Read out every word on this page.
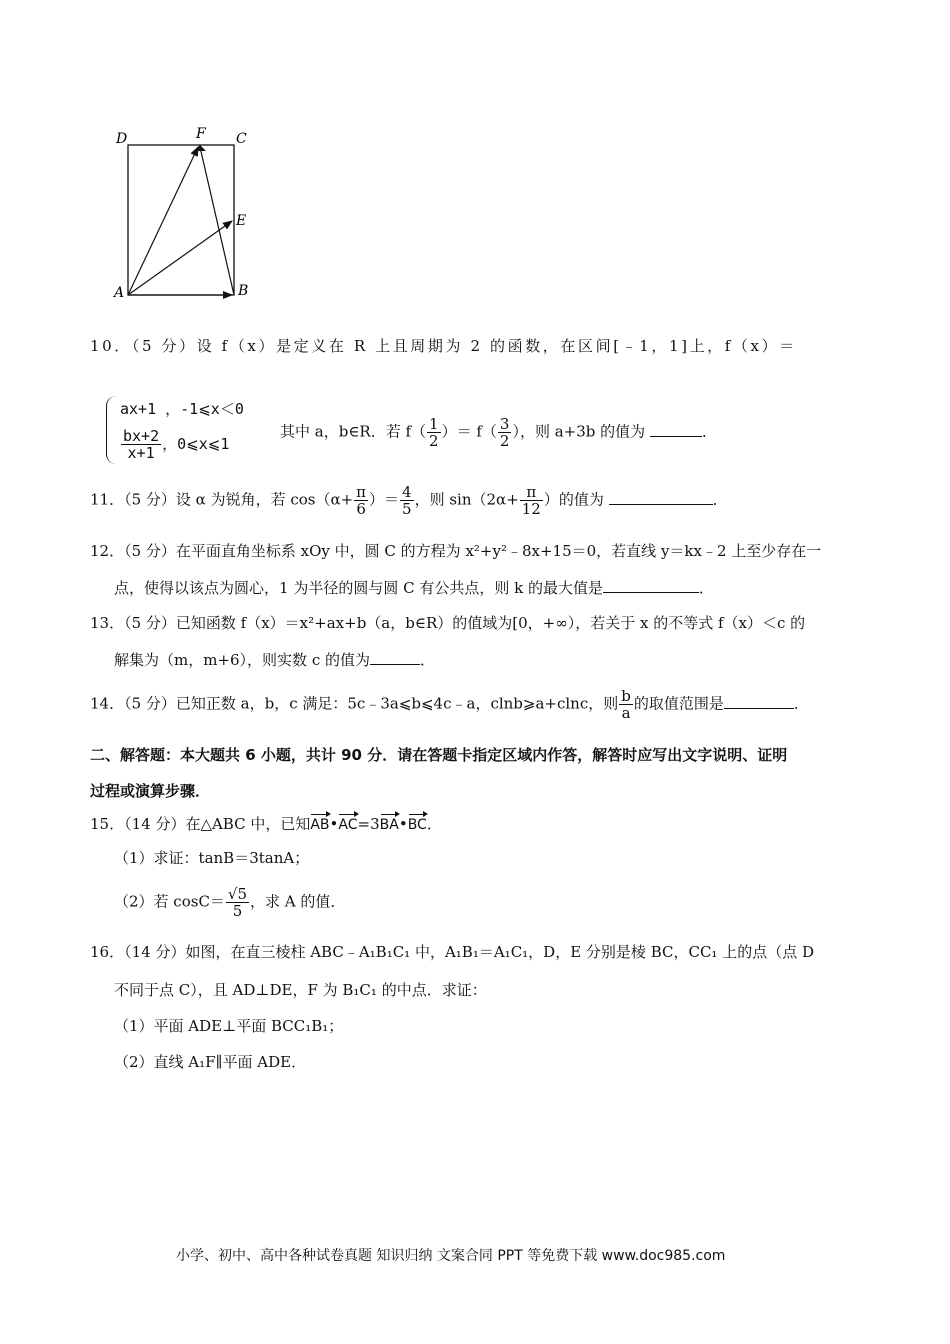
D	F C
E
A	B
10．（5 分）设 f（x）是定义在 R 上且周期为 2 的函数，在区间[﹣1，1]上，f（x）＝
ax+1 ，-1⩽x＜0
$\frac{bx+2}{x+1}$ ，0⩽x⩽1
其中 a，b∈R．若 $f( \frac{1}{2}$ ）＝ $f( \frac{3}{2}$ ），则 a+3b 的值为	．
11．（5 分）设 α 为锐角，若 $\cos(\alpha+ \frac{\pi}{6}$ ）＝ $\frac{4}{5}$ ，则 $\sin(2\alpha+ \frac{\pi}{12}$ ）的值为	．
12．（5 分）在平面直角坐标系 xOy 中，圆 C 的方程为 x²+y²﹣8x+15＝0，若直线 y＝kx﹣2 上至少存在一
点，使得以该点为圆心，1 为半径的圆与圆 C 有公共点，则 k 的最大值是	．
13．（5 分）已知函数 f（x）＝x²+ax+b（a，b∈R）的值域为[0，+∞），若关于 x 的不等式 f（x）＜c 的
解集为（m，m+6），则实数 c 的值为	．
14．（5 分）已知正数 a，b，c 满足：5c﹣3a⩽b⩽4c﹣a，clnb⩾a+clnc，则 $\frac{b}{a}$ 的取值范围是	．
二、解答题：本大题共 6 小题，共计 90 分．请在答题卡指定区域内作答，解答时应写出文字说明、证明
过程或演算步骤．
15．（14 分）在△ABC 中，已知AB•AC=3BA•BC．
（1）求证：tanB＝3tanA；
（2）若 $\cos C= \frac{√5}{5}$ ，求 A 的值．
16．（14 分）如图，在直三棱柱 ABC﹣A₁B₁C₁ 中，A₁B₁＝A₁C₁，D，E 分别是棱 BC，CC₁ 上的点（点 D
不同于点 C），且 AD⊥DE，F 为 B₁C₁ 的中点．求证：
（1）平面 ADE⊥平面 BCC₁B₁；
（2）直线 A₁F∥平面 ADE．
小学、初中、高中各种试卷真题 知识归纳 文案合同 PPT 等免费下载 www.doc985.com
